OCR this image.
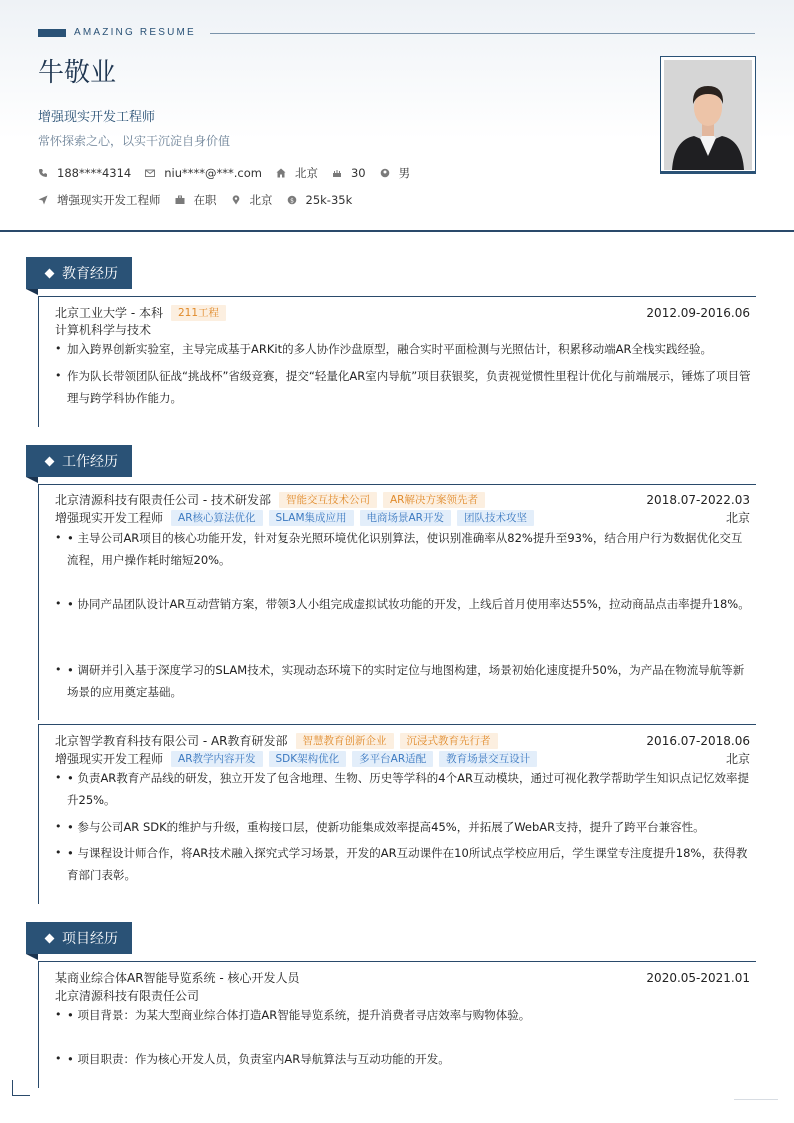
AMAZING RESUME
牛敬业
增强现实开发工程师
常怀探索之心，以实干沉淀自身价值
188****4314	niu****@***.com	北京	30	男
增强现实开发工程师	在职	北京	$ 25k-35k
教育经历
北京工业大学 - 本科	211工程	2012.09-2016.06
计算机科学与技术
• 加入跨界创新实验室，主导完成基于ARKit的多人协作沙盘原型，融合实时平面检测与光照估计，积累移动端AR全栈实践经验。
• 作为队长带领团队征战“挑战杯”省级竞赛，提交“轻量化AR室内导航”项目获银奖，负责视觉惯性里程计优化与前端展示，锤炼了项目管理与跨学科协作能力。
工作经历
北京清源科技有限责任公司 - 技术研发部	智能交互技术公司	AR解决方案领先者	2018.07-2022.03
增强现实开发工程师	AR核心算法优化	SLAM集成应用	电商场景AR开发	团队技术攻坚	北京
• • 主导公司AR项目的核心功能开发，针对复杂光照环境优化识别算法，使识别准确率从82%提升至93%，结合用户行为数据优化交互流程，用户操作耗时缩短20%。
• • 协同产品团队设计AR互动营销方案，带领3人小组完成虚拟试妆功能的开发，上线后首月使用率达55%，拉动商品点击率提升18%。
• • 调研并引入基于深度学习的SLAM技术，实现动态环境下的实时定位与地图构建，场景初始化速度提升50%，为产品在物流导航等新场景的应用奠定基础。
北京智学教育科技有限公司 - AR教育研发部	智慧教育创新企业	沉浸式教育先行者	2016.07-2018.06
增强现实开发工程师	AR教学内容开发	SDK架构优化	多平台AR适配	教育场景交互设计	北京
• • 负责AR教育产品线的研发，独立开发了包含地理、生物、历史等学科的4个AR互动模块，通过可视化教学帮助学生知识点记忆效率提升25%。
• • 参与公司AR SDK的维护与升级，重构接口层，使新功能集成效率提高45%，并拓展了WebAR支持，提升了跨平台兼容性。
• • 与课程设计师合作，将AR技术融入探究式学习场景，开发的AR互动课件在10所试点学校应用后，学生课堂专注度提升18%，获得教育部门表彰。
项目经历
某商业综合体AR智能导览系统 - 核心开发人员	2020.05-2021.01
北京清源科技有限责任公司
• • 项目背景：为某大型商业综合体打造AR智能导览系统，提升消费者寻店效率与购物体验。
• • 项目职责：作为核心开发人员，负责室内AR导航算法与互动功能的开发。
